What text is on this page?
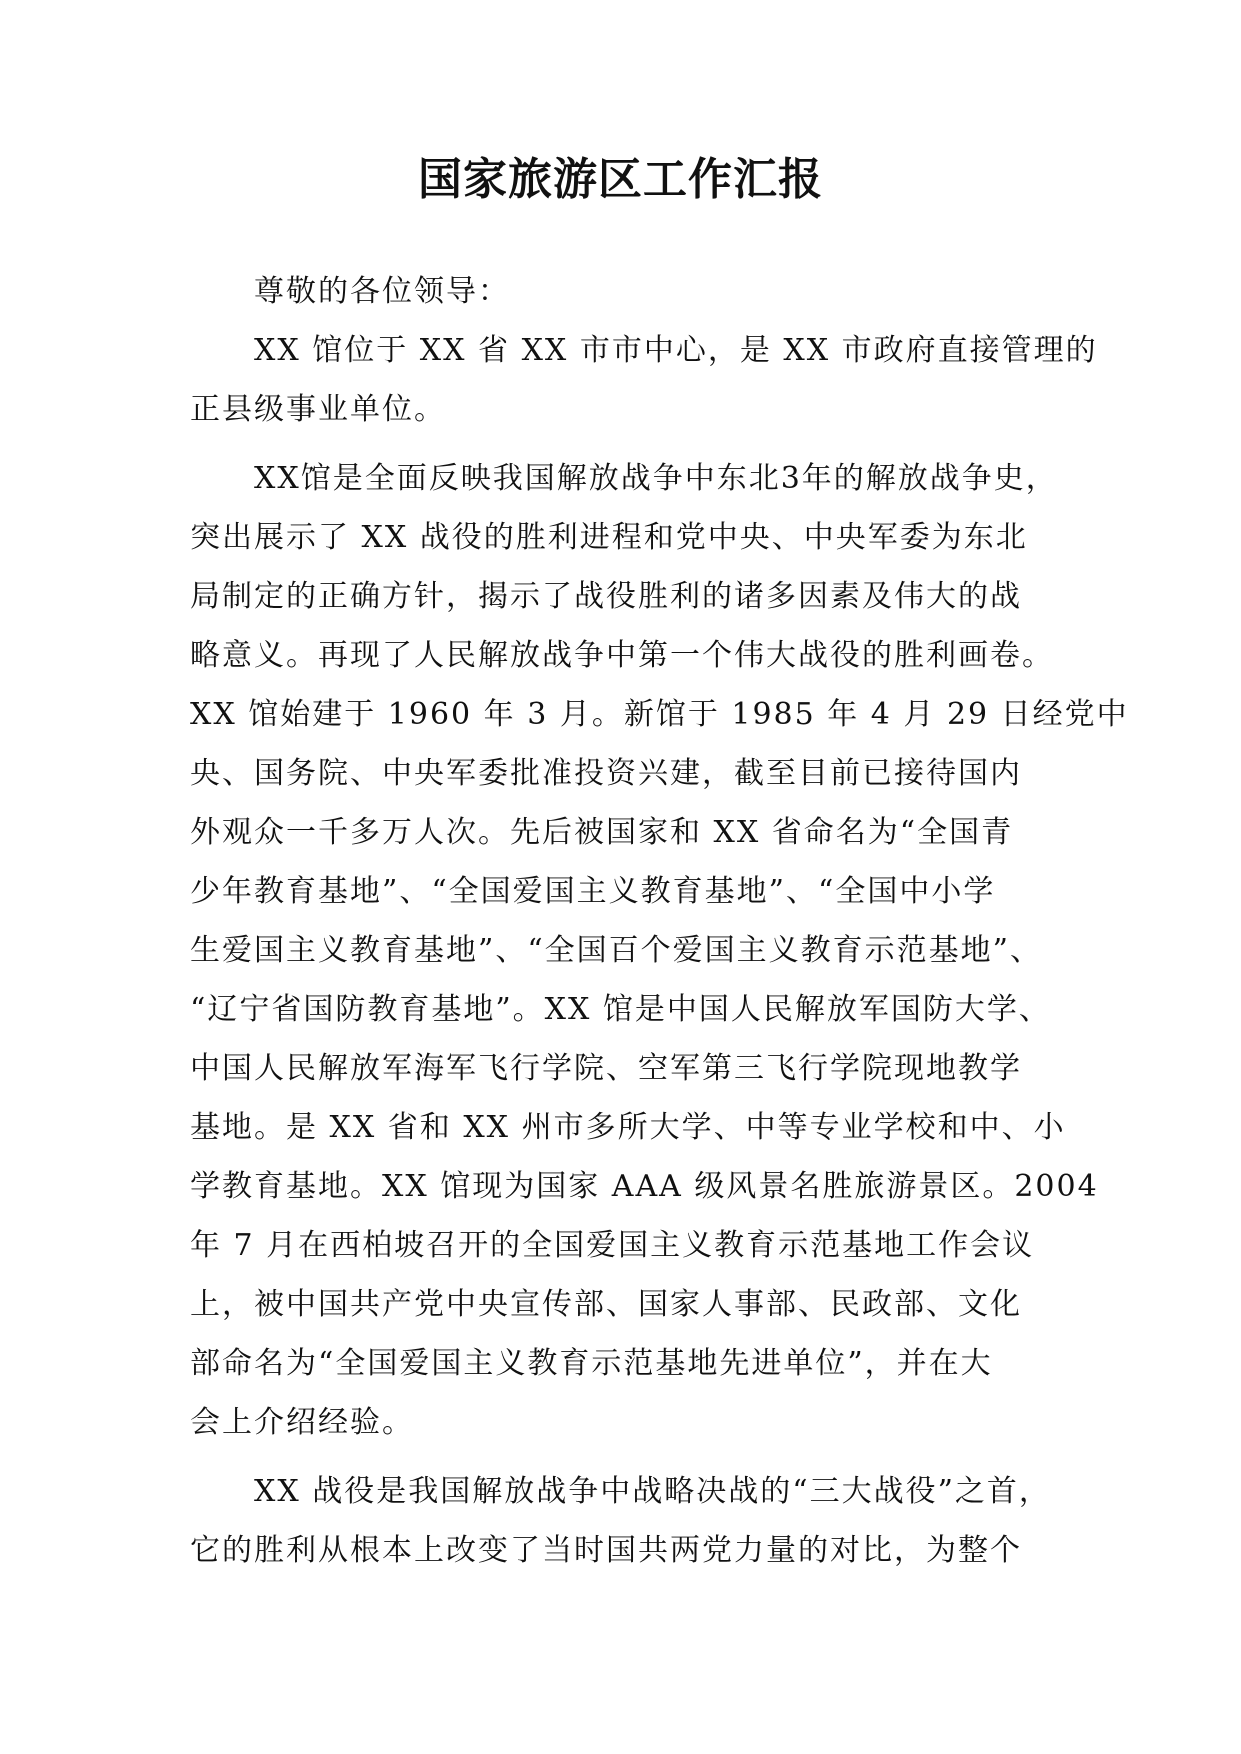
国家旅游区工作汇报
尊敬的各位领导：
XX 馆位于 XX 省 XX 市市中心，是 XX 市政府直接管理的
正县级事业单位。
XX馆是全面反映我国解放战争中东北3年的解放战争史，
突出展示了 XX 战役的胜利进程和党中央、中央军委为东北
局制定的正确方针，揭示了战役胜利的诸多因素及伟大的战
略意义。再现了人民解放战争中第一个伟大战役的胜利画卷。
XX 馆始建于 1960 年 3 月。新馆于 1985 年 4 月 29 日经党中
央、国务院、中央军委批准投资兴建，截至目前已接待国内
外观众一千多万人次。先后被国家和 XX 省命名为“全国青
少年教育基地”、“全国爱国主义教育基地”、“全国中小学
生爱国主义教育基地”、“全国百个爱国主义教育示范基地”、
“辽宁省国防教育基地”。XX 馆是中国人民解放军国防大学、
中国人民解放军海军飞行学院、空军第三飞行学院现地教学
基地。是 XX 省和 XX 州市多所大学、中等专业学校和中、小
学教育基地。XX 馆现为国家 AAA 级风景名胜旅游景区。2004
年 7 月在西柏坡召开的全国爱国主义教育示范基地工作会议
上，被中国共产党中央宣传部、国家人事部、民政部、文化
部命名为“全国爱国主义教育示范基地先进单位”，并在大
会上介绍经验。
XX 战役是我国解放战争中战略决战的“三大战役”之首，
它的胜利从根本上改变了当时国共两党力量的对比，为整个
